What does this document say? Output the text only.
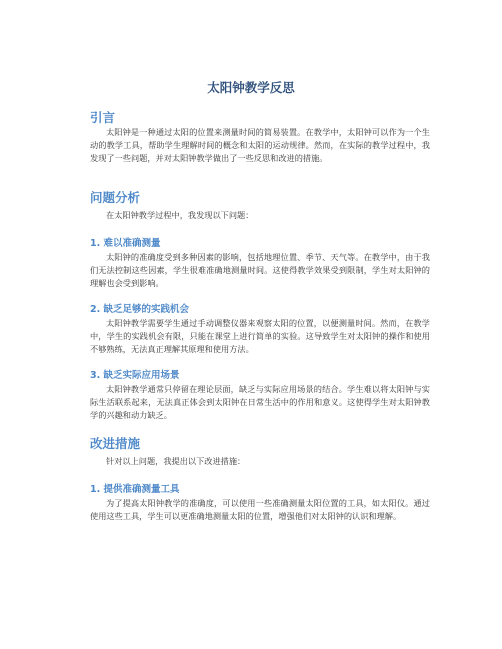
太阳钟教学反思
引言

太阳钟是一种通过太阳的位置来测量时间的简易装置。在教学中，太阳钟可以作为一个生动的教学工具，帮助学生理解时间的概念和太阳的运动规律。然而，在实际的教学过程中，我发现了一些问题，并对太阳钟教学做出了一些反思和改进的措施。

问题分析

在太阳钟教学过程中，我发现以下问题：

1. 难以准确测量

太阳钟的准确度受到多种因素的影响，包括地理位置、季节、天气等。在教学中，由于我们无法控制这些因素，学生很难准确地测量时间。这使得教学效果受到限制，学生对太阳钟的理解也会受到影响。

2. 缺乏足够的实践机会

太阳钟教学需要学生通过手动调整仪器来观察太阳的位置，以便测量时间。然而，在教学中，学生的实践机会有限，只能在课堂上进行简单的实验。这导致学生对太阳钟的操作和使用不够熟练，无法真正理解其原理和使用方法。

3. 缺乏实际应用场景

太阳钟教学通常只停留在理论层面，缺乏与实际应用场景的结合。学生难以将太阳钟与实际生活联系起来，无法真正体会到太阳钟在日常生活中的作用和意义。这使得学生对太阳钟教学的兴趣和动力缺乏。

改进措施

针对以上问题，我提出以下改进措施：

1. 提供准确测量工具

为了提高太阳钟教学的准确度，可以使用一些准确测量太阳位置的工具，如太阳仪。通过使用这些工具，学生可以更准确地测量太阳的位置，增强他们对太阳钟的认识和理解。
